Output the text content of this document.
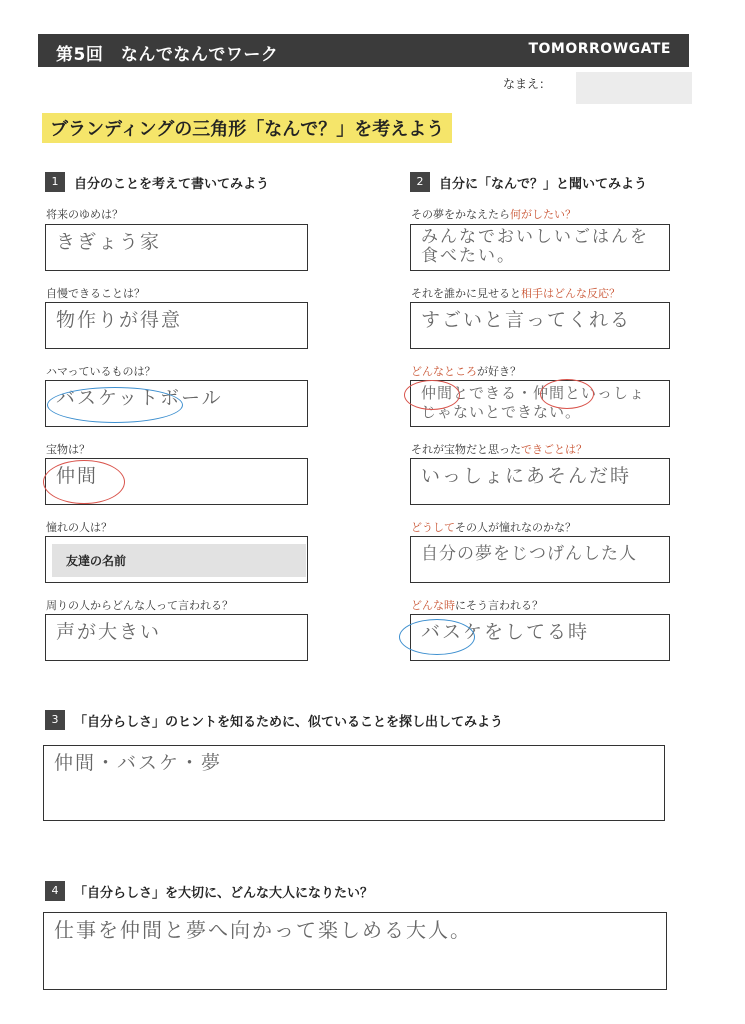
第5回　なんでなんでワーク	TOMORROWGATE
なまえ：
ブランディングの三角形「なんで？」を考えよう
1	自分のことを考えて書いてみよう	2	自分に「なんで？」と聞いてみよう
将来のゆめは？
きぎょう家
自慢できることは？
物作りが得意
ハマっているものは？
バスケットボール
宝物は？
仲間
憧れの人は？
友達の名前
周りの人からどんな人って言われる？
声が大きい
その夢をかなえたら何がしたい？
みんなでおいしいごはんを食べたい。
それを誰かに見せると相手はどんな反応？
すごいと言ってくれる
どんなところが好き？
仲間とできる・仲間といっしょじゃないとできない。
それが宝物だと思ったできごとは？
いっしょにあそんだ時
どうしてその人が憧れなのかな？
自分の夢をじつげんした人
どんな時にそう言われる？
バスケをしてる時
3	「自分らしさ」のヒントを知るために、似ていることを探し出してみよう
仲間・バスケ・夢
4	「自分らしさ」を大切に、どんな大人になりたい？
仕事を仲間と夢へ向かって楽しめる大人。
